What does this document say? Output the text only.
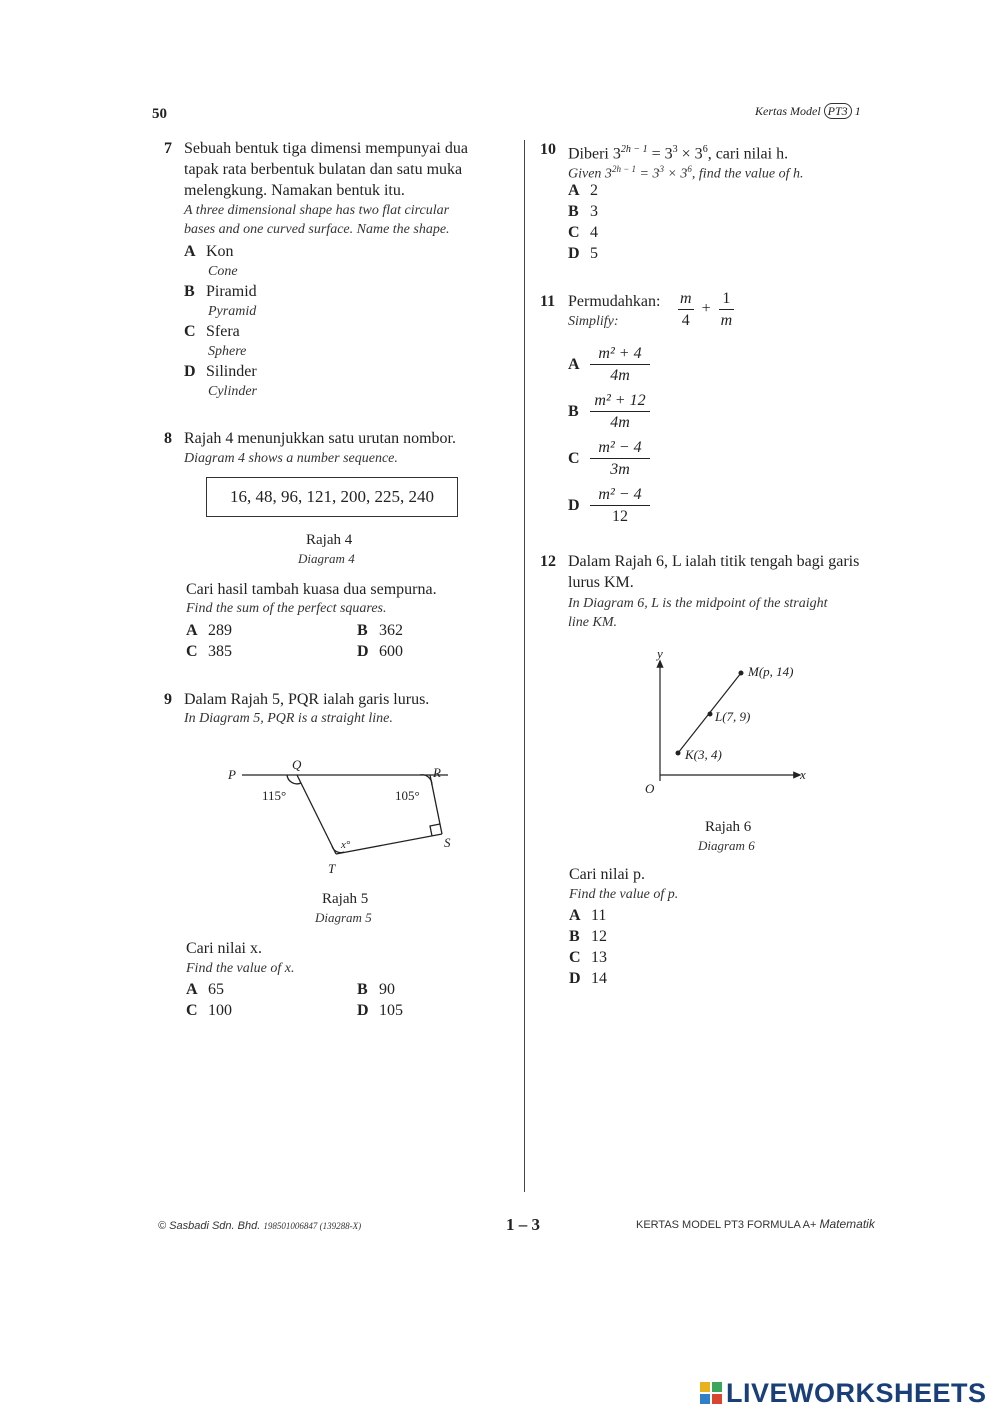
50	Kertas Model PT3 1
7 Sebuah bentuk tiga dimensi mempunyai dua
tapak rata berbentuk bulatan dan satu muka
melengkung. Namakan bentuk itu.
A three dimensional shape has two flat circular
bases and one curved surface. Name the shape.
A Kon
Cone
B Piramid
Pyramid
C Sfera
Sphere
D Silinder
Cylinder
8 Rajah 4 menunjukkan satu urutan nombor.
Diagram 4 shows a number sequence.
16, 48, 96, 121, 200, 225, 240
Rajah 4
Diagram 4
Cari hasil tambah kuasa dua sempurna.
Find the sum of the perfect squares.
A 289	B 362
C 385	D 600
9 Dalam Rajah 5, PQR ialah garis lurus.
In Diagram 5, PQR is a straight line.
P
Q
R
S
T
115°	105°
x°
Rajah 5
Diagram 5
Cari nilai x.
Find the value of x.
A 65	B 90
C 100	D 105
10 Diberi $3^{2h - 1} = 3^3 \times 3^6$, cari nilai h.
Given $3^{2h - 1} = 3^3 \times 3^6$, find the value of h.
A 2
B 3
C 4
D 5
11 Permudahkan:
Simplify:	$\frac{m}{4} + \frac{1}{m}$
A $\frac{\text{m² + 4}}{4m}$
B $\frac{\text{m² + 12}}{4m}$
C $\frac{\text{m² − 4}}{3m}$
D $\frac{\text{m² − 4}}{12}$
12 Dalam Rajah 6, L ialah titik tengah bagi garis
lurus KM.
In Diagram 6, L is the midpoint of the straight
line KM.
y
x
O
M(p, 14)
L(7, 9)
K(3, 4)
Rajah 6
Diagram 6
Cari nilai p.
Find the value of p.
A 11
B 12
C 13
D 14
© Sasbadi Sdn. Bhd. 198501006847 (139288-X)	1 – 3	KERTAS MODEL PT3 FORMULA A+ Matematik
LIVEWORKSHEETS
